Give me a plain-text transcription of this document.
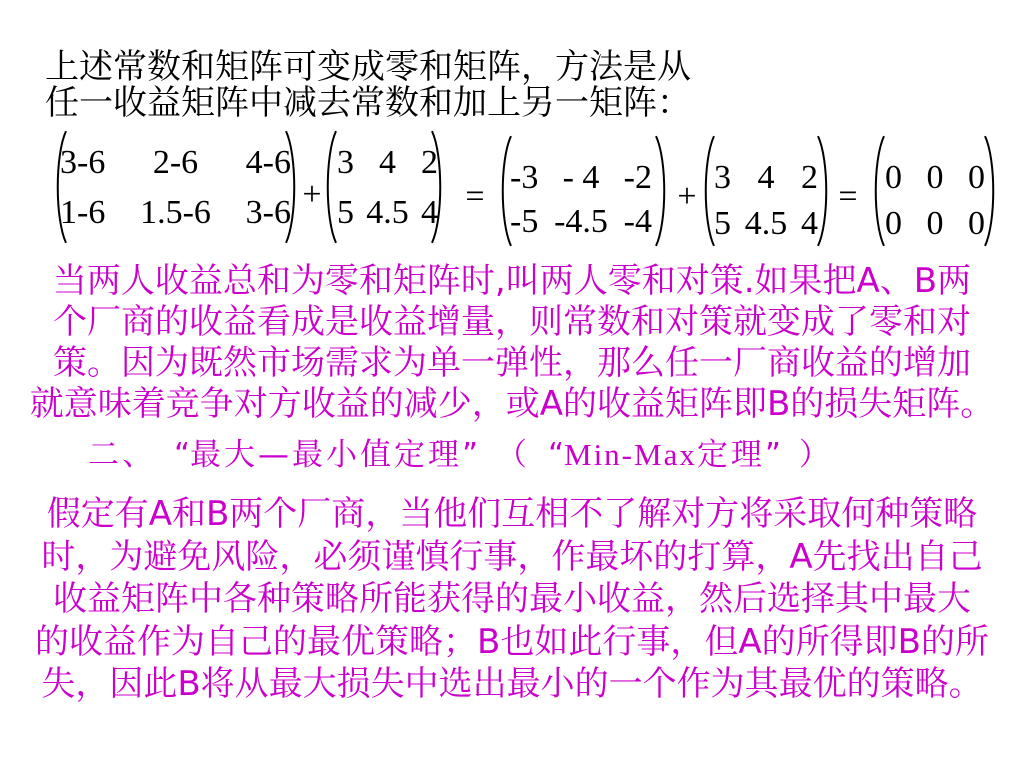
上述常数和矩阵可变成零和矩阵，方法是从
任一收益矩阵中减去常数和加上另一矩阵：
3-6 2-6 4-6
1-6 1.5-6 3-6 +
3 4 2
5 4.5 4 =
-3 - 4 -2
-5 -4.5 -4
+
3 4 2
5 4.5 4
=
0 0 0
0 0 0
当两人收益总和为零和矩阵时,叫两人零和对策.如果把A、B两
个厂商的收益看成是收益增量，则常数和对策就变成了零和对
策。因为既然市场需求为单一弹性，那么任一厂商收益的增加
就意味着竞争对方收益的减少，或A的收益矩阵即B的损失矩阵。
二、 “ 最大—最小值定理 ” （ “ Min-Max 定理 ” ）
假定有A和B两个厂商，当他们互相不了解对方将采取何种策略
时，为避免风险，必须谨慎行事，作最坏的打算，A先找出自己
收益矩阵中各种策略所能获得的最小收益，然后选择其中最大
的收益作为自己的最优策略；B也如此行事，但A的所得即B的所
失，因此B将从最大损失中选出最小的一个作为其最优的策略。
